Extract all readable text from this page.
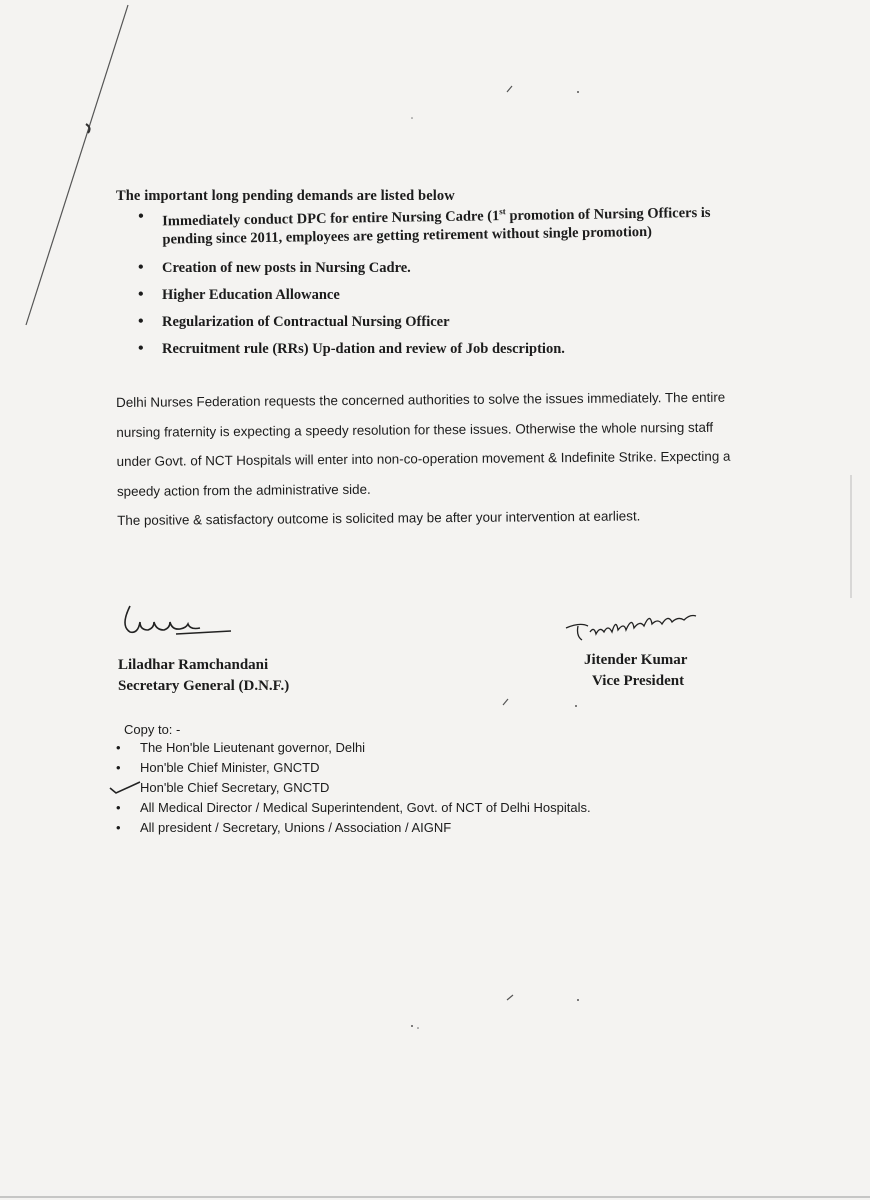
The important long pending demands are listed below
• Immediately conduct DPC for entire Nursing Cadre (1st promotion of Nursing Officers is pending since 2011, employees are getting retirement without single promotion)
• Creation of new posts in Nursing Cadre.
• Higher Education Allowance
• Regularization of Contractual Nursing Officer
• Recruitment rule (RRs) Up-dation and review of Job description.

Delhi Nurses Federation requests the concerned authorities to solve the issues immediately. The entire nursing fraternity is expecting a speedy resolution for these issues. Otherwise the whole nursing staff under Govt. of NCT Hospitals will enter into non-co-operation movement & Indefinite Strike. Expecting a speedy action from the administrative side.

The positive & satisfactory outcome is solicited may be after your intervention at earliest.

Liladhar Ramchandani
Secretary General (D.N.F.)
Jitender Kumar
Vice President
Copy to: -
• The Hon'ble Lieutenant governor, Delhi
• Hon'ble Chief Minister, GNCTD
Hon'ble Chief Secretary, GNCTD
• All Medical Director / Medical Superintendent, Govt. of NCT of Delhi Hospitals.
• All president / Secretary, Unions / Association / AIGNF
